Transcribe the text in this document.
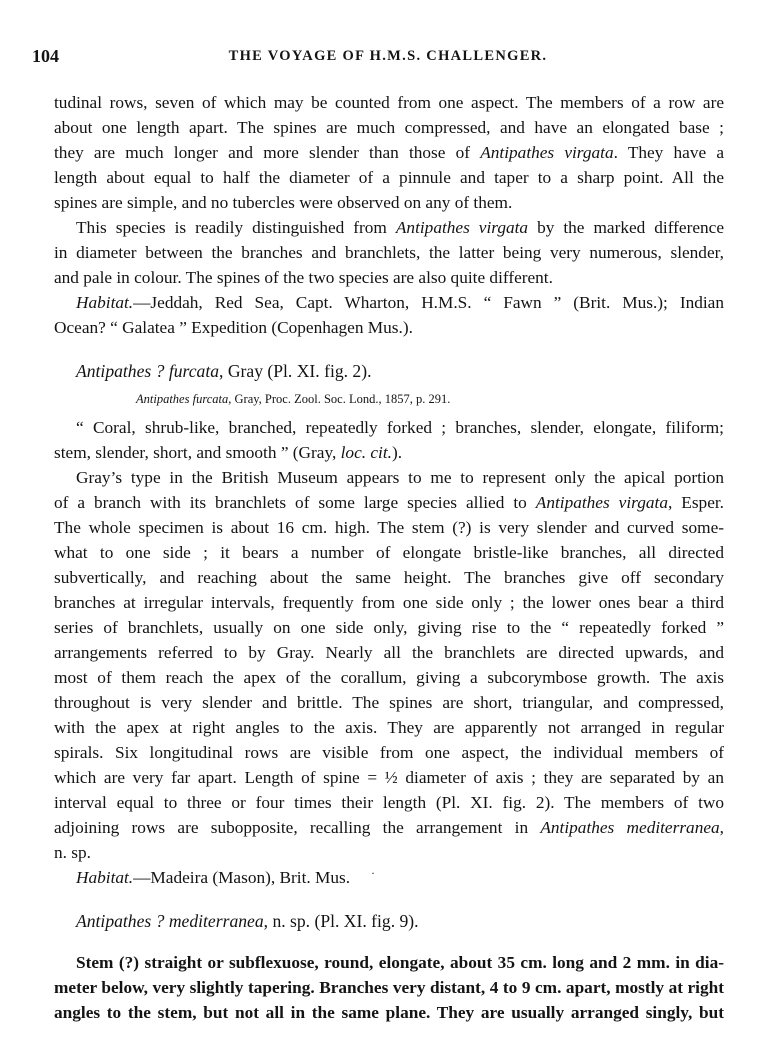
104	THE VOYAGE OF H.M.S. CHALLENGER.
tudinal rows, seven of which may be counted from one aspect. The members of a row are
about one length apart. The spines are much compressed, and have an elongated base ;
they are much longer and more slender than those of Antipathes virgata. They have a
length about equal to half the diameter of a pinnule and taper to a sharp point. All the
spines are simple, and no tubercles were observed on any of them.
This species is readily distinguished from Antipathes virgata by the marked difference
in diameter between the branches and branchlets, the latter being very numerous, slender,
and pale in colour. The spines of the two species are also quite different.
Habitat.—Jeddah, Red Sea, Capt. Wharton, H.M.S. “ Fawn ” (Brit. Mus.); Indian
Ocean? “ Galatea ” Expedition (Copenhagen Mus.).
Antipathes ? furcata, Gray (Pl. XI. fig. 2).
Antipathes furcata, Gray, Proc. Zool. Soc. Lond., 1857, p. 291.
“ Coral, shrub-like, branched, repeatedly forked ; branches, slender, elongate, filiform;
stem, slender, short, and smooth ” (Gray, loc. cit.).
Gray’s type in the British Museum appears to me to represent only the apical portion
of a branch with its branchlets of some large species allied to Antipathes virgata, Esper.
The whole specimen is about 16 cm. high. The stem (?) is very slender and curved some-
what to one side ; it bears a number of elongate bristle-like branches, all directed
subvertically, and reaching about the same height. The branches give off secondary
branches at irregular intervals, frequently from one side only ; the lower ones bear a third
series of branchlets, usually on one side only, giving rise to the “ repeatedly forked ”
arrangements referred to by Gray. Nearly all the branchlets are directed upwards, and
most of them reach the apex of the corallum, giving a subcorymbose growth. The axis
throughout is very slender and brittle. The spines are short, triangular, and compressed,
with the apex at right angles to the axis. They are apparently not arranged in regular
spirals. Six longitudinal rows are visible from one aspect, the individual members of
which are very far apart. Length of spine = ½ diameter of axis ; they are separated by an
interval equal to three or four times their length (Pl. XI. fig. 2). The members of two
adjoining rows are subopposite, recalling the arrangement in Antipathes mediterranea,
n. sp.
Habitat.—Madeira (Mason), Brit. Mus.	·
Antipathes ? mediterranea, n. sp. (Pl. XI. fig. 9).
Stem (?) straight or subflexuose, round, elongate, about 35 cm. long and 2 mm. in dia-
meter below, very slightly tapering. Branches very distant, 4 to 9 cm. apart, mostly at right
angles to the stem, but not all in the same plane. They are usually arranged singly, but
